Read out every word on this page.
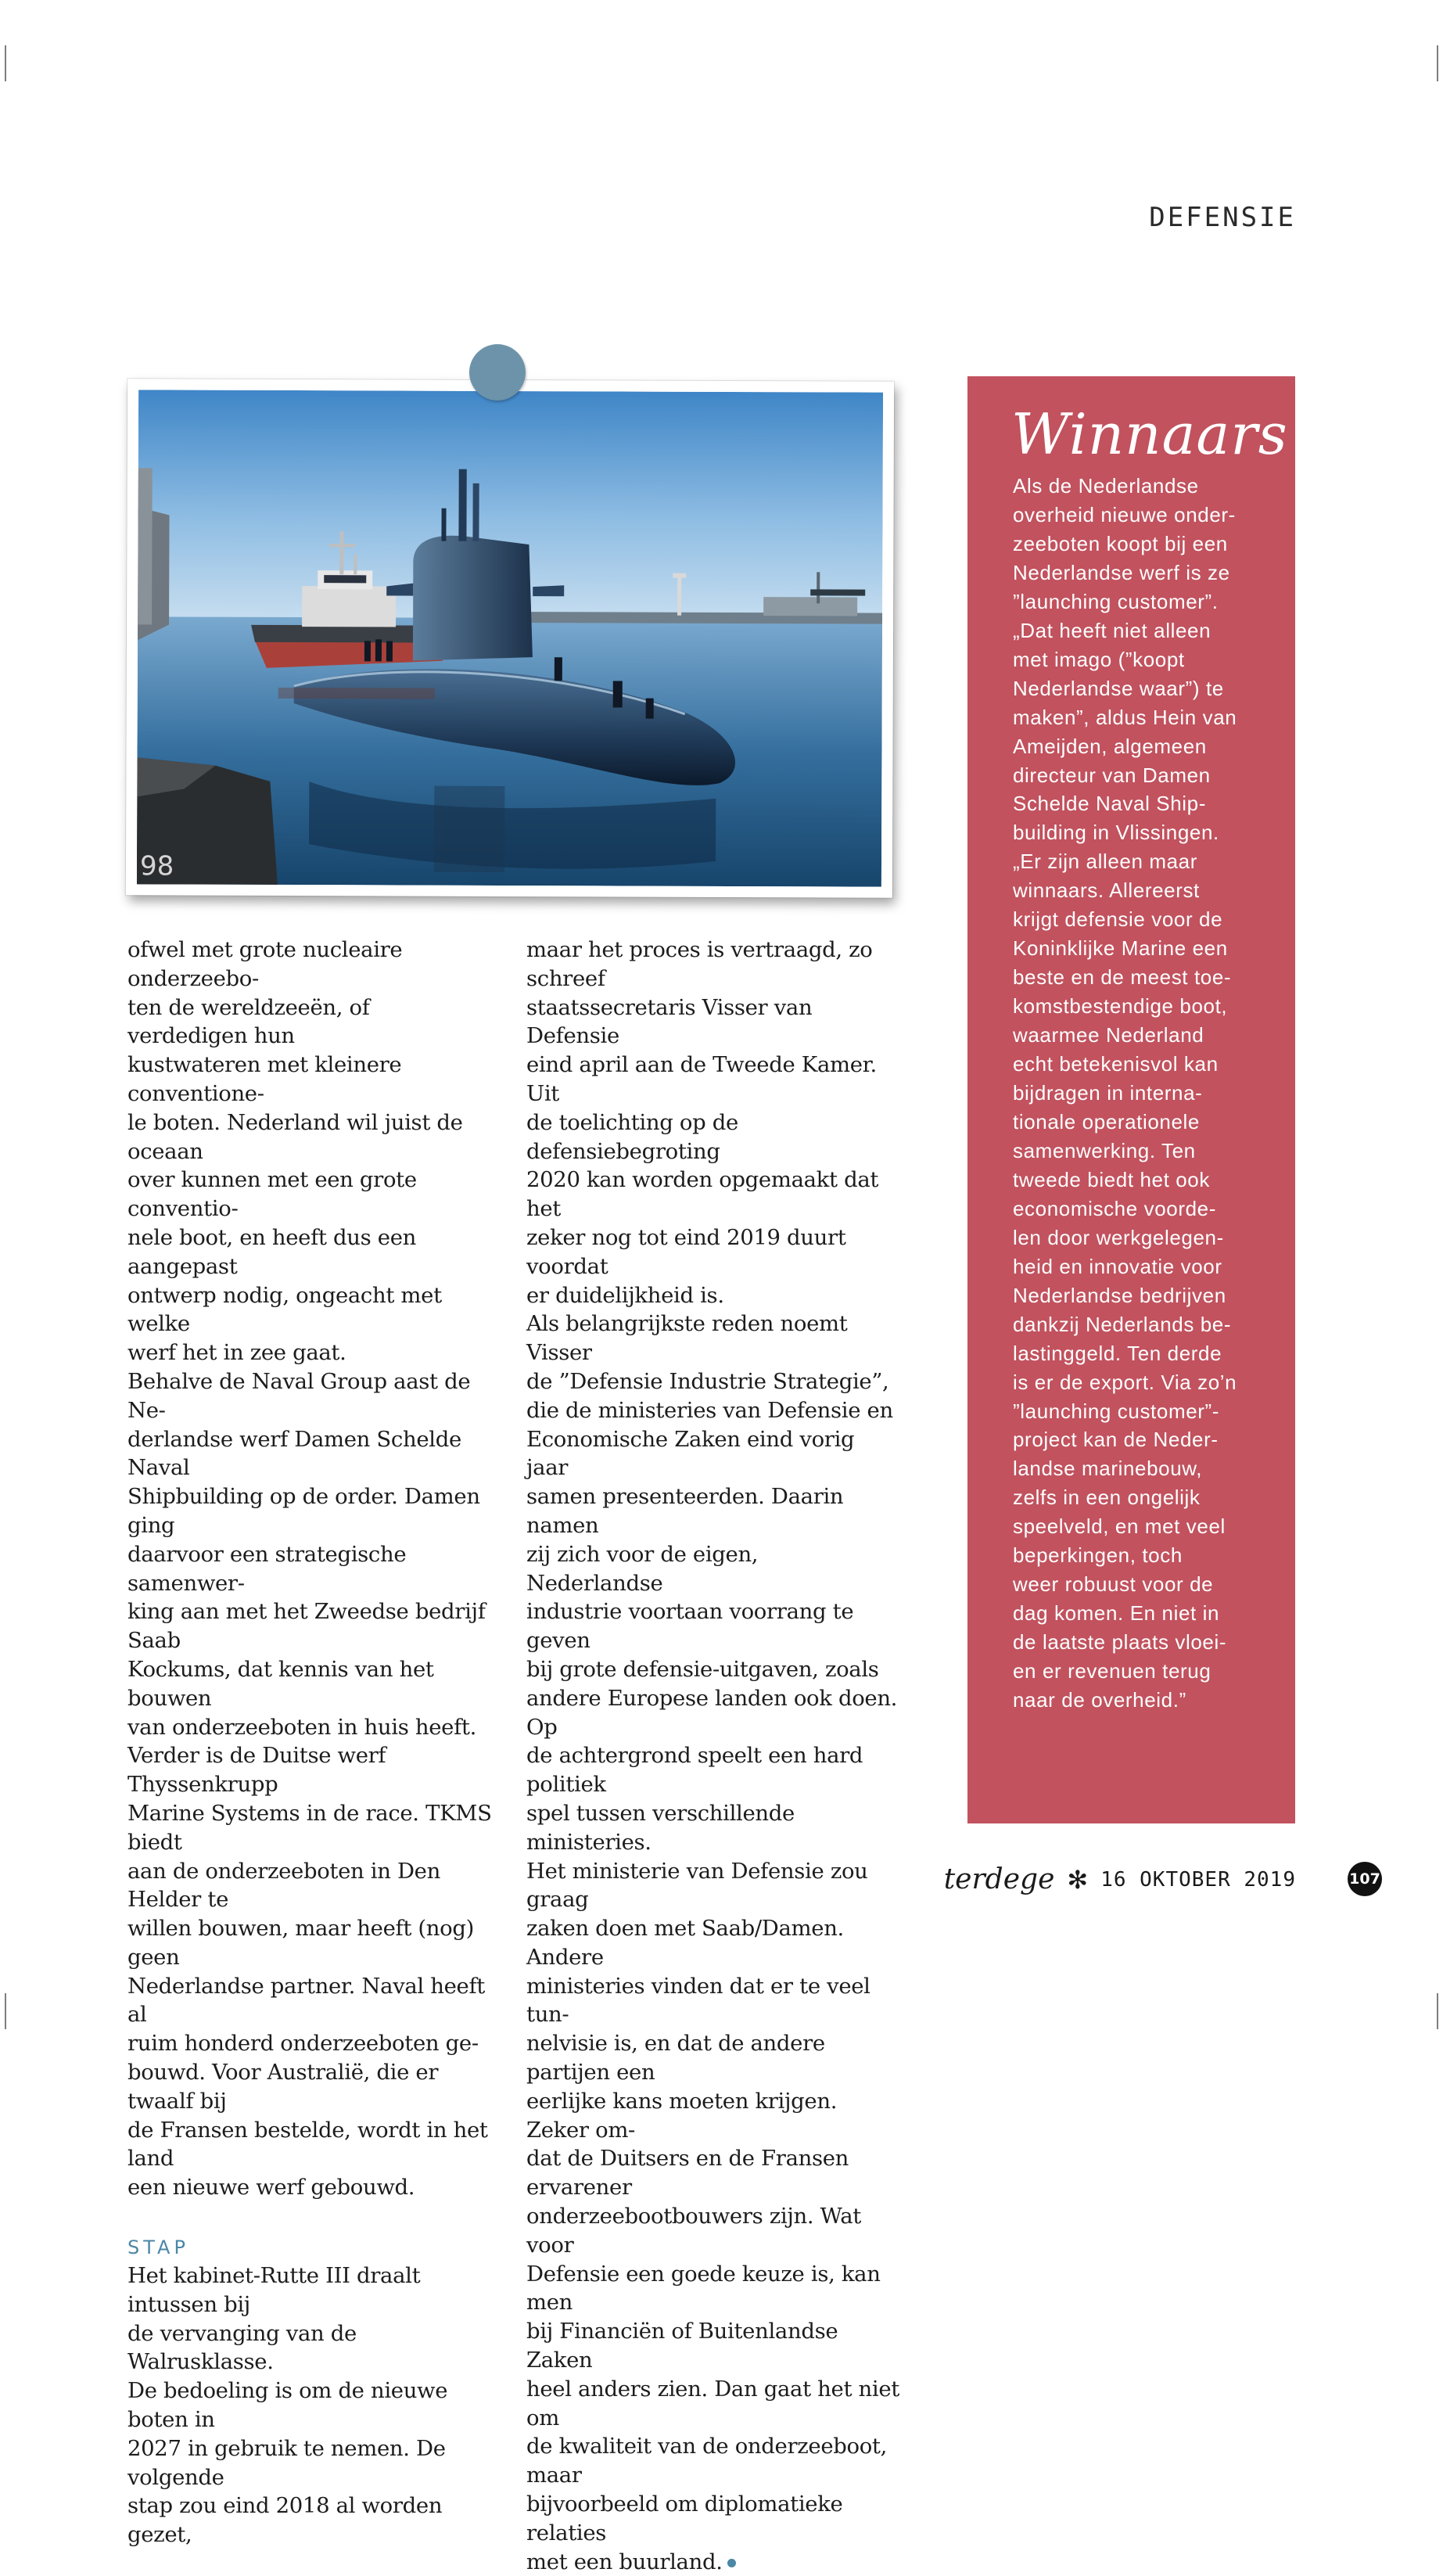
DEFENSIE
98

ofwel met grote nucleaire onderzeebo-
ten de wereldzeeën, of verdedigen hun
kustwateren met kleinere conventione-
le boten. Nederland wil juist de oceaan
over kunnen met een grote conventio-
nele boot, en heeft dus een aangepast
ontwerp nodig, ongeacht met welke
werf het in zee gaat.

Behalve de Naval Group aast de Ne-
derlandse werf Damen Schelde Naval
Shipbuilding op de order. Damen ging
daarvoor een strategische samenwer-
king aan met het Zweedse bedrijf Saab
Kockums, dat kennis van het bouwen
van onderzeeboten in huis heeft.

Verder is de Duitse werf Thyssenkrupp
Marine Systems in de race. TKMS biedt
aan de onderzeeboten in Den Helder te
willen bouwen, maar heeft (nog) geen
Nederlandse partner. Naval heeft al
ruim honderd onderzeeboten ge-
bouwd. Voor Australië, die er twaalf bij
de Fransen bestelde, wordt in het land
een nieuwe werf gebouwd.

STAP

Het kabinet-Rutte III draalt intussen bij
de vervanging van de Walrusklasse.
De bedoeling is om de nieuwe boten in
2027 in gebruik te nemen. De volgende
stap zou eind 2018 al worden gezet,

maar het proces is vertraagd, zo schreef
staatssecretaris Visser van Defensie
eind april aan de Tweede Kamer. Uit
de toelichting op de defensiebegroting
2020 kan worden opgemaakt dat het
zeker nog tot eind 2019 duurt voordat
er duidelijkheid is.

Als belangrijkste reden noemt Visser
de ”Defensie Industrie Strategie”,
die de ministeries van Defensie en
Economische Zaken eind vorig jaar
samen presenteerden. Daarin namen
zij zich voor de eigen, Nederlandse
industrie voortaan voorrang te geven
bij grote defensie-uitgaven, zoals
andere Europese landen ook doen. Op
de achtergrond speelt een hard politiek
spel tussen verschillende ministeries.

Het ministerie van Defensie zou graag
zaken doen met Saab/Damen. Andere
ministeries vinden dat er te veel tun-
nelvisie is, en dat de andere partijen een
eerlijke kans moeten krijgen. Zeker om-
dat de Duitsers en de Fransen ervarener
onderzeebootbouwers zijn. Wat voor
Defensie een goede keuze is, kan men
bij Financiën of Buitenlandse Zaken
heel anders zien. Dan gaat het niet om
de kwaliteit van de onderzeeboot, maar
bijvoorbeeld om diplomatieke relaties
met een buurland.

Winnaars
Als de Nederlandse
overheid nieuwe onder-
zeeboten koopt bij een
Nederlandse werf is ze
”launching customer”.
„Dat heeft niet alleen
met imago (”koopt
Nederlandse waar”) te
maken”, aldus Hein van
Ameijden, algemeen
directeur van Damen
Schelde Naval Ship-
building in Vlissingen.
„Er zijn alleen maar
winnaars. Allereerst
krijgt defensie voor de
Koninklijke Marine een
beste en de meest toe-
komstbestendige boot,
waarmee Nederland
echt betekenisvol kan
bijdragen in interna-
tionale operationele
samenwerking. Ten
tweede biedt het ook
economische voorde-
len door werkgelegen-
heid en innovatie voor
Nederlandse bedrijven
dankzij Nederlands be-
lastinggeld. Ten derde
is er de export. Via zo’n
”launching customer”-
project kan de Neder-
landse marinebouw,
zelfs in een ongelijk
speelveld, en met veel
beperkingen, toch
weer robuust voor de
dag komen. En niet in
de laatste plaats vloei-
en er revenuen terug
naar de overheid.”
terdege ✻ 16 OKTOBER 2019	107
